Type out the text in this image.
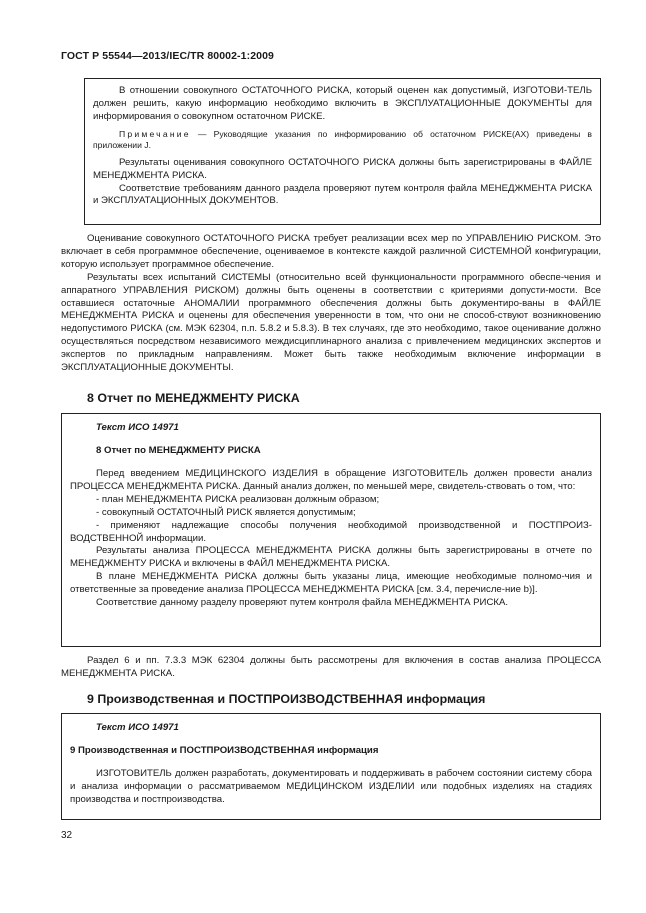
ГОСТ Р 55544—2013/IEC/TR 80002-1:2009

В отношении совокупного ОСТАТОЧНОГО РИСКА, который оценен как допустимый, ИЗГОТОВИ-ТЕЛЬ должен решить, какую информацию необходимо включить в ЭКСПЛУАТАЦИОННЫЕ ДОКУМЕНТЫ для информирования о совокупном остаточном РИСКЕ.

Примечание — Руководящие указания по информированию об остаточном РИСКЕ(АХ) приведены в приложении J.

Результаты оценивания совокупного ОСТАТОЧНОГО РИСКА должны быть зарегистрированы в ФАЙЛЕ МЕНЕДЖМЕНТА РИСКА.

Соответствие требованиям данного раздела проверяют путем контроля файла МЕНЕДЖМЕНТА РИСКА и ЭКСПЛУАТАЦИОННЫХ ДОКУМЕНТОВ.

Оценивание совокупного ОСТАТОЧНОГО РИСКА требует реализации всех мер по УПРАВЛЕНИЮ РИСКОМ. Это включает в себя программное обеспечение, оцениваемое в контексте каждой различной СИСТЕМНОЙ конфигурации, которую использует программное обеспечение.

Результаты всех испытаний СИСТЕМЫ (относительно всей функциональности программного обеспе-чения и аппаратного УПРАВЛЕНИЯ РИСКОМ) должны быть оценены в соответствии с критериями допусти-мости. Все оставшиеся остаточные АНОМАЛИИ программного обеспечения должны быть документиро-ваны в ФАЙЛЕ МЕНЕДЖМЕНТА РИСКА и оценены для обеспечения уверенности в том, что они не способ-ствуют возникновению недопустимого РИСКА (см. МЭК 62304, п.п. 5.8.2 и 5.8.3). В тех случаях, где это необходимо, такое оценивание должно осуществляться посредством независимого междисциплинарного анализа с привлечением медицинских экспертов и экспертов по прикладным направлениям. Может быть также необходимым включение информации в ЭКСПЛУАТАЦИОННЫЕ ДОКУМЕНТЫ.

8 Отчет по МЕНЕДЖМЕНТУ РИСКА

Текст ИСО 14971

8 Отчет по МЕНЕДЖМЕНТУ РИСКА

Перед введением МЕДИЦИНСКОГО ИЗДЕЛИЯ в обращение ИЗГОТОВИТЕЛЬ должен провести анализ ПРОЦЕССА МЕНЕДЖМЕНТА РИСКА. Данный анализ должен, по меньшей мере, свидетель-ствовать о том, что:

- план МЕНЕДЖМЕНТА РИСКА реализован должным образом;

- совокупный ОСТАТОЧНЫЙ РИСК является допустимым;

- применяют надлежащие способы получения необходимой производственной и ПОСТПРОИЗ-ВОДСТВЕННОЙ информации.

Результаты анализа ПРОЦЕССА МЕНЕДЖМЕНТА РИСКА должны быть зарегистрированы в отчете по МЕНЕДЖМЕНТУ РИСКА и включены в ФАЙЛ МЕНЕДЖМЕНТА РИСКА.

В плане МЕНЕДЖМЕНТА РИСКА должны быть указаны лица, имеющие необходимые полномо-чия и ответственные за проведение анализа ПРОЦЕССА МЕНЕДЖМЕНТА РИСКА [см. 3.4, перечисле-ние b)].

Соответствие данному разделу проверяют путем контроля файла МЕНЕДЖМЕНТА РИСКА.

Раздел 6 и пп. 7.3.3 МЭК 62304 должны быть рассмотрены для включения в состав анализа ПРОЦЕССА МЕНЕДЖМЕНТА РИСКА.

9 Производственная и ПОСТПРОИЗВОДСТВЕННАЯ информация

Текст ИСО 14971

9 Производственная и ПОСТПРОИЗВОДСТВЕННАЯ информация

ИЗГОТОВИТЕЛЬ должен разработать, документировать и поддерживать в рабочем состоянии систему сбора и анализа информации о рассматриваемом МЕДИЦИНСКОМ ИЗДЕЛИИ или подобных изделиях на стадиях производства и постпроизводства.

32
